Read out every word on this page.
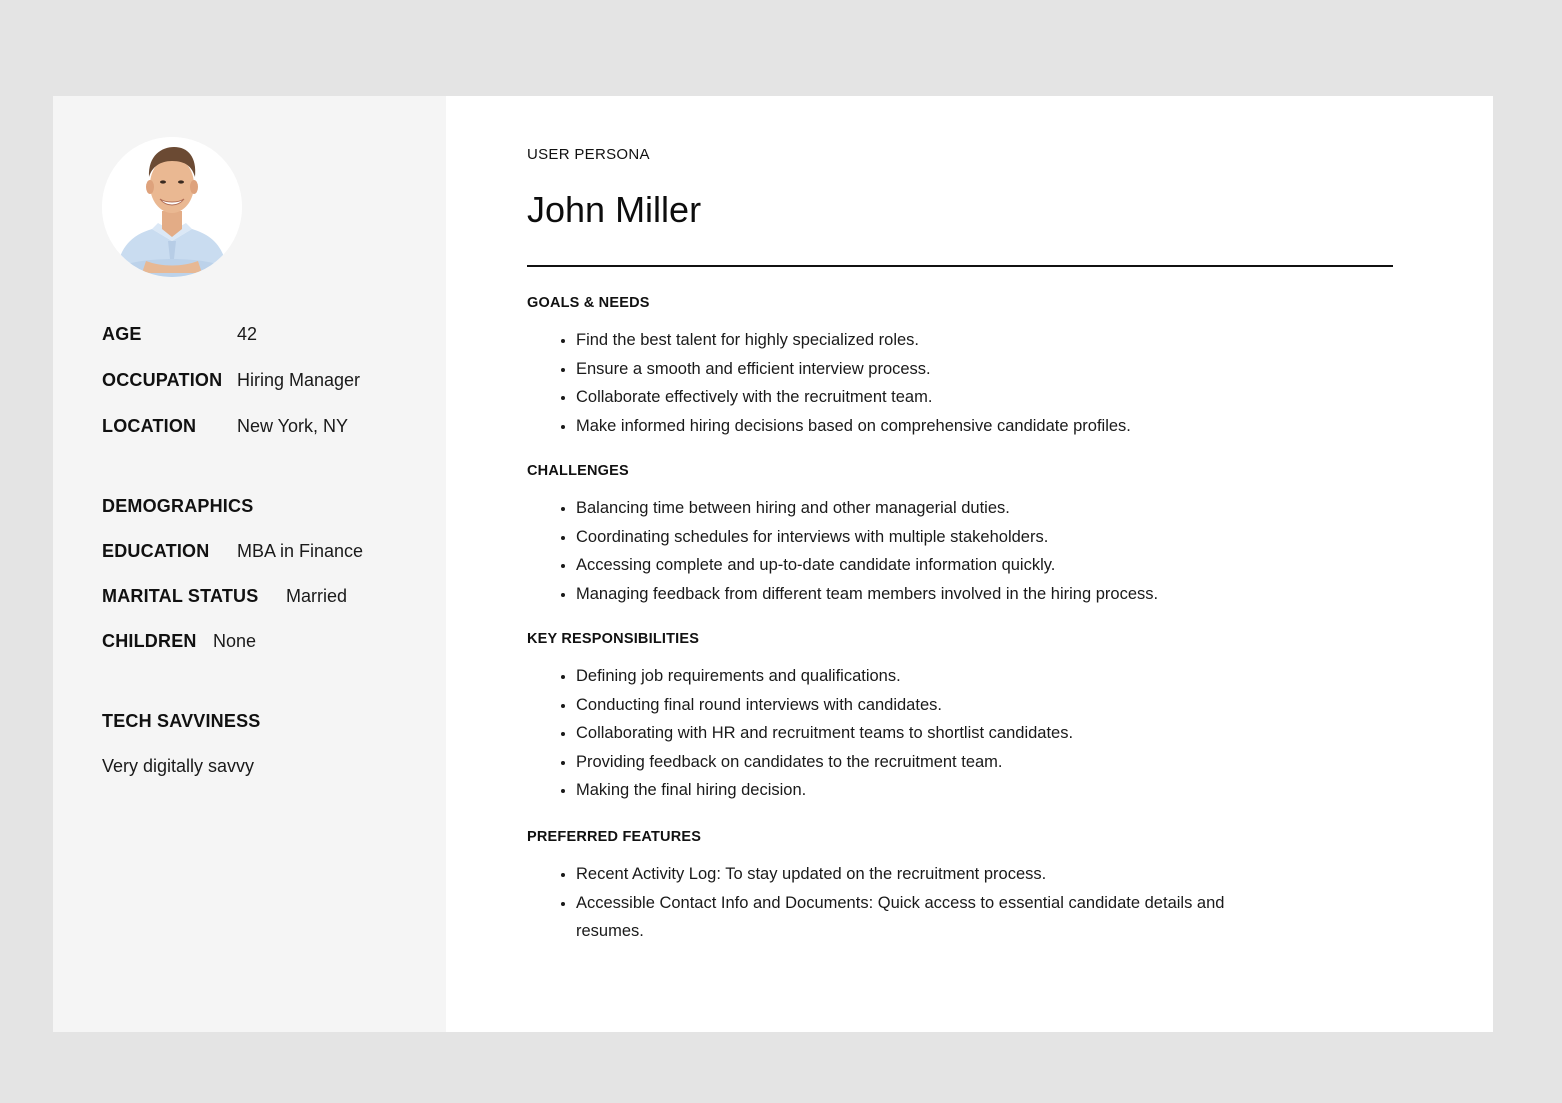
AGE	42
OCCUPATION Hiring Manager
LOCATION New York, NY
DEMOGRAPHICS
EDUCATION MBA in Finance
MARITAL STATUS Married
CHILDREN None
TECH SAVVINESS
Very digitally savvy
USER PERSONA
John Miller
GOALS & NEEDS
• Find the best talent for highly specialized roles.
• Ensure a smooth and efficient interview process.
• Collaborate effectively with the recruitment team.
• Make informed hiring decisions based on comprehensive candidate profiles.
CHALLENGES
• Balancing time between hiring and other managerial duties.
• Coordinating schedules for interviews with multiple stakeholders.
• Accessing complete and up-to-date candidate information quickly.
• Managing feedback from different team members involved in the hiring process.
KEY RESPONSIBILITIES
• Defining job requirements and qualifications.
• Conducting final round interviews with candidates.
• Collaborating with HR and recruitment teams to shortlist candidates.
• Providing feedback on candidates to the recruitment team.
• Making the final hiring decision.
PREFERRED FEATURES
• Recent Activity Log: To stay updated on the recruitment process.
• Accessible Contact Info and Documents: Quick access to essential candidate details and resumes.
